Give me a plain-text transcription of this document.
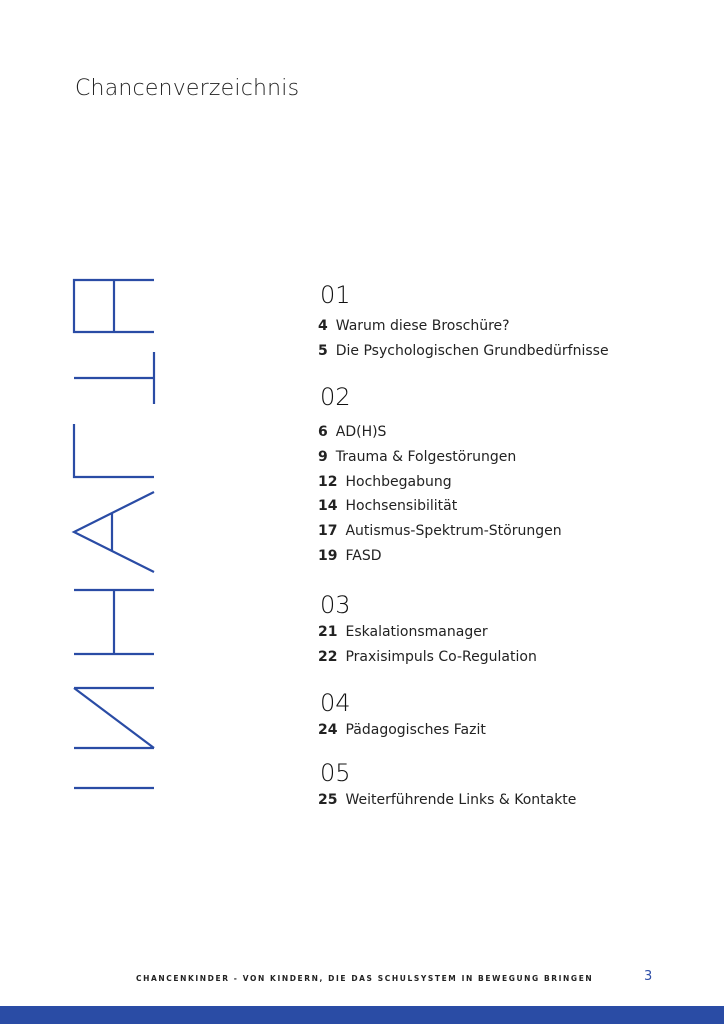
Chancenverzeichnis
01
4 Warum diese Broschüre?
5 Die Psychologischen Grundbedürfnisse
02
6 AD(H)S
9 Trauma & Folgestörungen
12 Hochbegabung
14 Hochsensibilität
17 Autismus-Spektrum-Störungen
19 FASD
03
21 Eskalationsmanager
22 Praxisimpuls Co-Regulation
04
24 Pädagogisches Fazit
05
25 Weiterführende Links & Kontakte
CHANCENKINDER - VON KINDERN, DIE DAS SCHULSYSTEM IN BEWEGUNG BRINGEN	3
